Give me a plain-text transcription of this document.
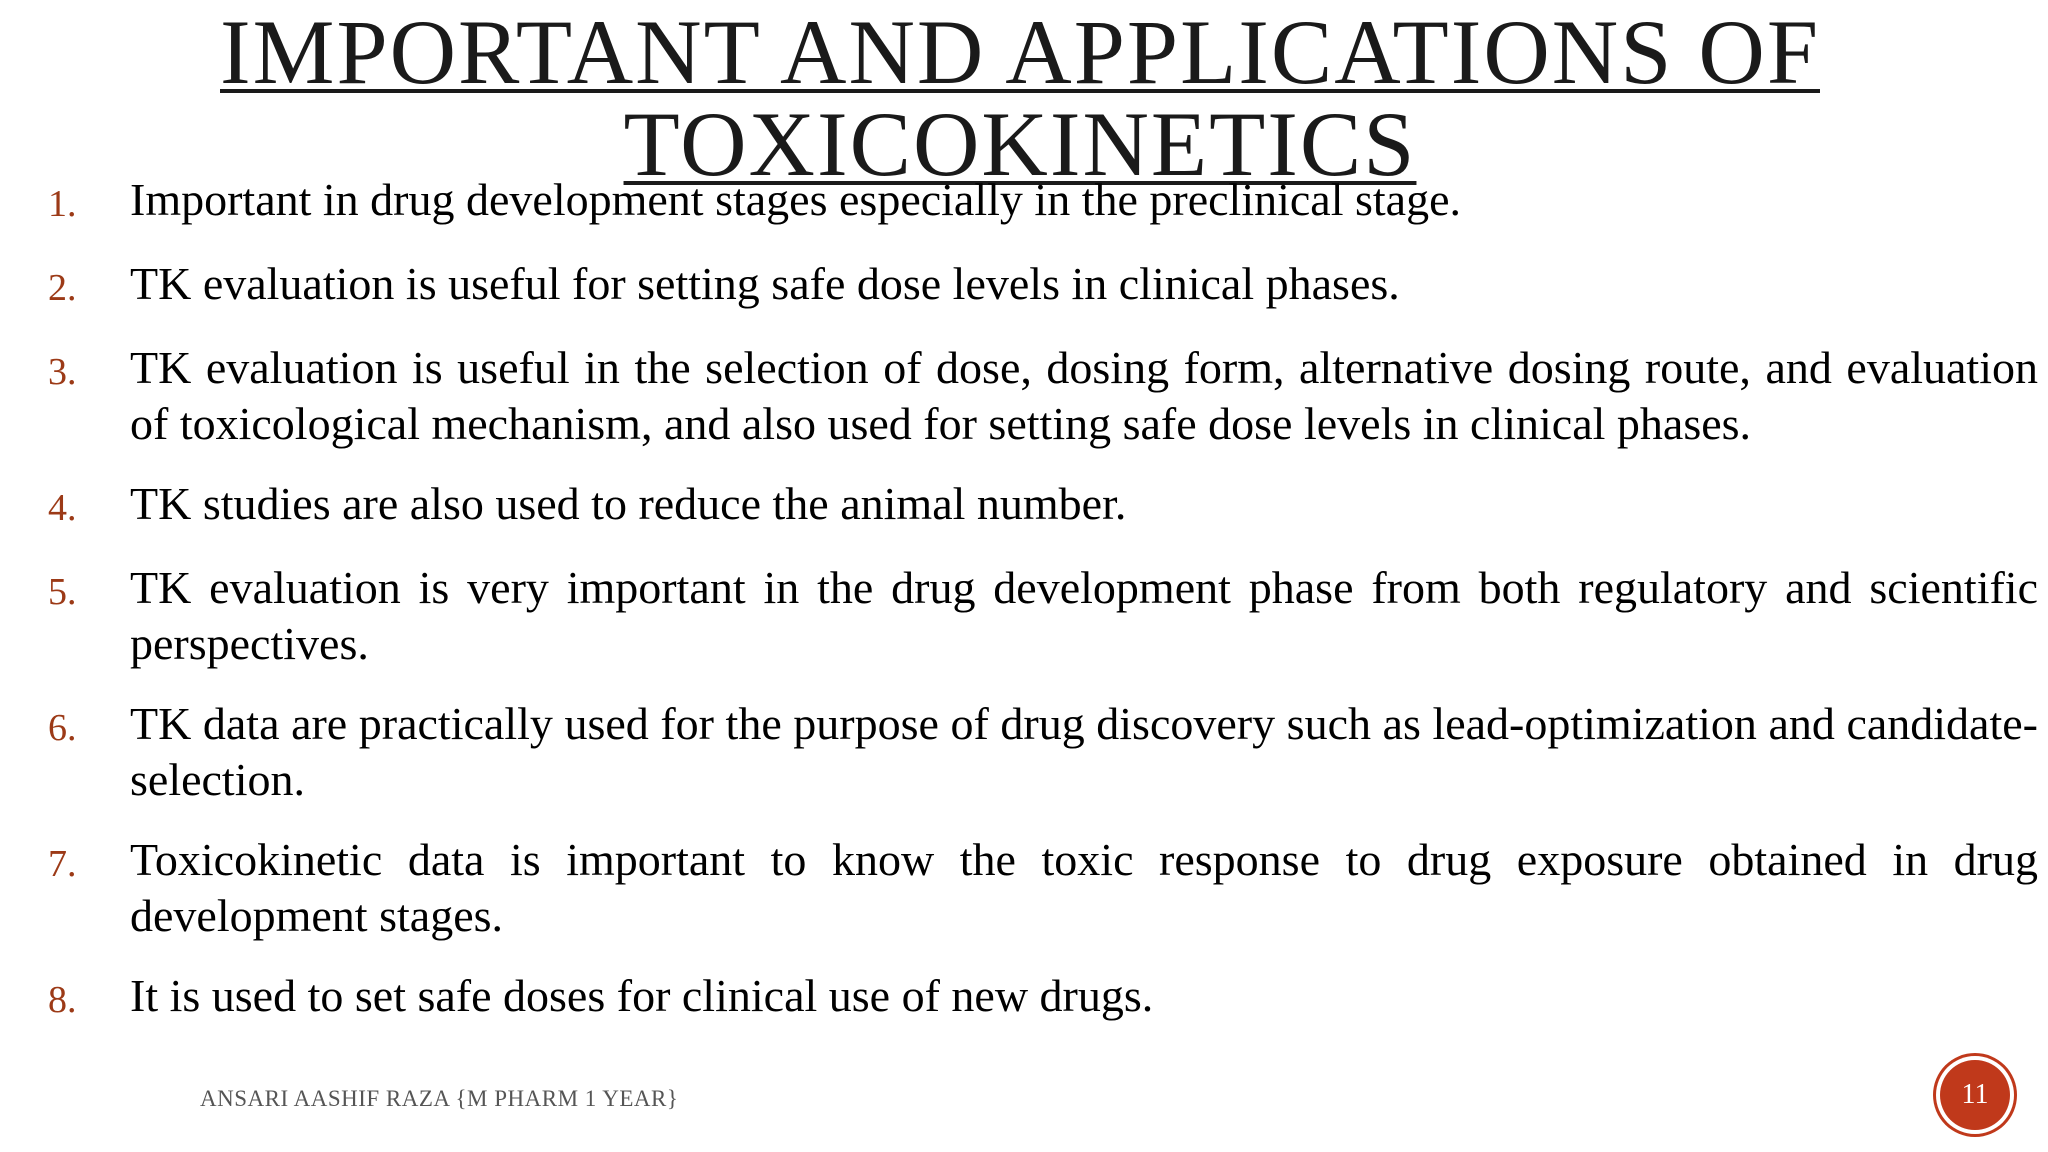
IMPORTANT AND APPLICATIONS OF
TOXICOKINETICS
1.	Important in drug development stages especially in the preclinical stage.
2.	TK evaluation is useful for setting safe dose levels in clinical phases.
3.	TK evaluation is useful in the selection of dose, dosing form, alternative dosing route, and evaluation of toxicological mechanism, and also used for setting safe dose levels in clinical phases.
4.	TK studies are also used to reduce the animal number.
5.	TK evaluation is very important in the drug development phase from both regulatory and scientific perspectives.
6.	TK data are practically used for the purpose of drug discovery such as lead-optimization and candidate-selection.
7.	Toxicokinetic data is important to know the toxic response to drug exposure obtained in drug development stages.
8.	It is used to set safe doses for clinical use of new drugs.
ANSARI AASHIF RAZA {M PHARM 1 YEAR}	11
